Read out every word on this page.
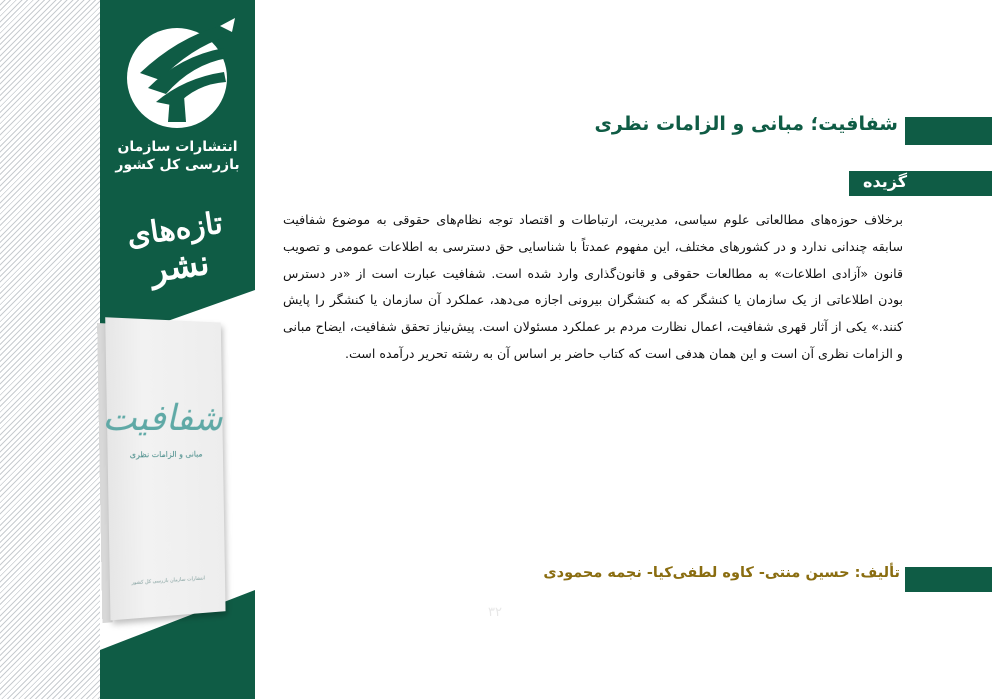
انتشارات سازمان
بازرسی کل کشور
تازه‌های
نشر
شفافیت
مبانی و الزامات نظری
انتشارات سازمان بازرسی کل کشور
شفافیت؛ مبانی و الزامات نظری
گزیده
برخلاف حوزه‌های مطالعاتی علوم سیاسی، مدیریت، ارتباطات و اقتصاد توجه نظام‌های حقوقی به موضوع شفافیت سابقه چندانی ندارد و در کشورهای مختلف، این مفهوم عمدتاً با شناسایی حق دسترسی به اطلاعات عمومی و تصویب قانون «آزادی اطلاعات» به مطالعات حقوقی و قانون‌گذاری وارد شده است. شفافیت عبارت است از «در دسترس بودن اطلاعاتی از یک سازمان یا کنشگر که به کنشگران بیرونی اجازه می‌دهد، عملکرد آن سازمان یا کنشگر را پایش کنند.» یکی از آثار قهری شفافیت، اعمال نظارت مردم بر عملکرد مسئولان است. پیش‌نیاز تحقق شفافیت، ایضاح مبانی و الزامات نظری آن است و این همان هدفی است که کتاب حاضر بر اساس آن به رشته تحریر درآمده است.
تألیف: حسین منتی- کاوه لطفی‌کیا- نجمه محمودی
۳۲
